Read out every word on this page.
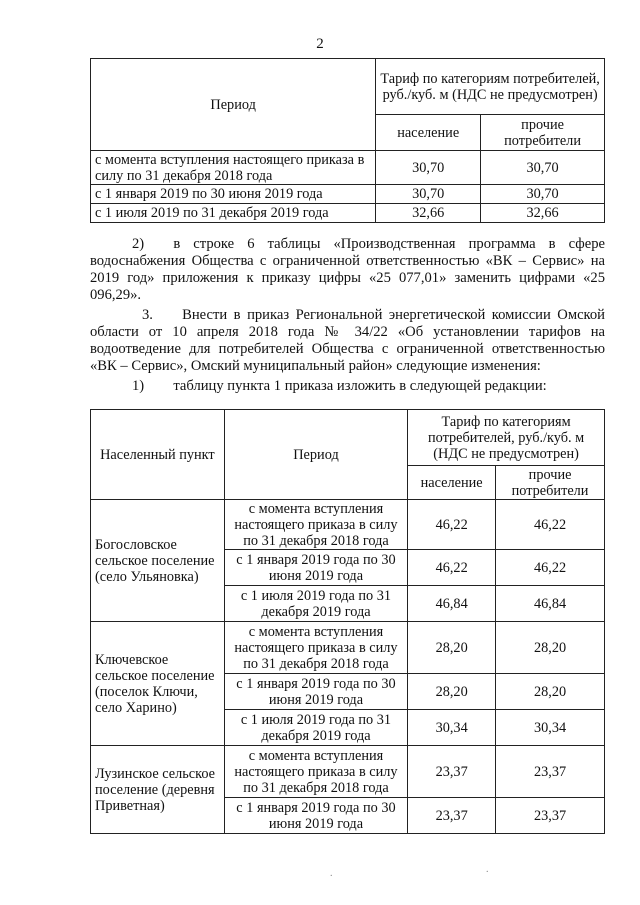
2
Период	Тариф по категориям потребителей, руб./куб. м (НДС не предусмотрен)	
	население	прочие потребители
с момента вступления настоящего приказа в силу по 31 декабря 2018 года	30,70	30,70
с 1 января 2019 по 30 июня 2019 года	30,70	30,70
с 1 июля 2019 по 31 декабря 2019 года	32,66	32,66

2)  в строке 6 таблицы «Производственная программа в сфере водоснабжения Общества с ограниченной ответственностью «ВК – Сервис» на 2019 год» приложения к приказу цифры «25 077,01» заменить цифрами «25 096,29».

3.  Внести в приказ Региональной энергетической комиссии Омской области от 10 апреля 2018 года № 34/22 «Об установлении тарифов на водоотведение для потребителей Общества с ограниченной ответственностью «ВК – Сервис», Омский муниципальный район» следующие изменения:

1)  таблицу пункта 1 приказа изложить в следующей редакции:

Населенный пункт	Период	Тариф по категориям потребителей, руб./куб. м (НДС не предусмотрен)	
		население	прочие потребители
Богословское сельское поселение (село Ульяновка)	с момента вступления настоящего приказа в силу по 31 декабря 2018 года	46,22	46,22
	с 1 января 2019 года по 30 июня 2019 года	46,22	46,22
	с 1 июля 2019 года по 31 декабря 2019 года	46,84	46,84
Ключевское сельское поселение (поселок Ключи, село Харино)	с момента вступления настоящего приказа в силу по 31 декабря 2018 года	28,20	28,20
	с 1 января 2019 года по 30 июня 2019 года	28,20	28,20
	с 1 июля 2019 года по 31 декабря 2019 года	30,34	30,34
Лузинское сельское поселение (деревня Приветная)	с момента вступления настоящего приказа в силу по 31 декабря 2018 года	23,37	23,37
	с 1 января 2019 года по 30 июня 2019 года	23,37	23,37
.	.
